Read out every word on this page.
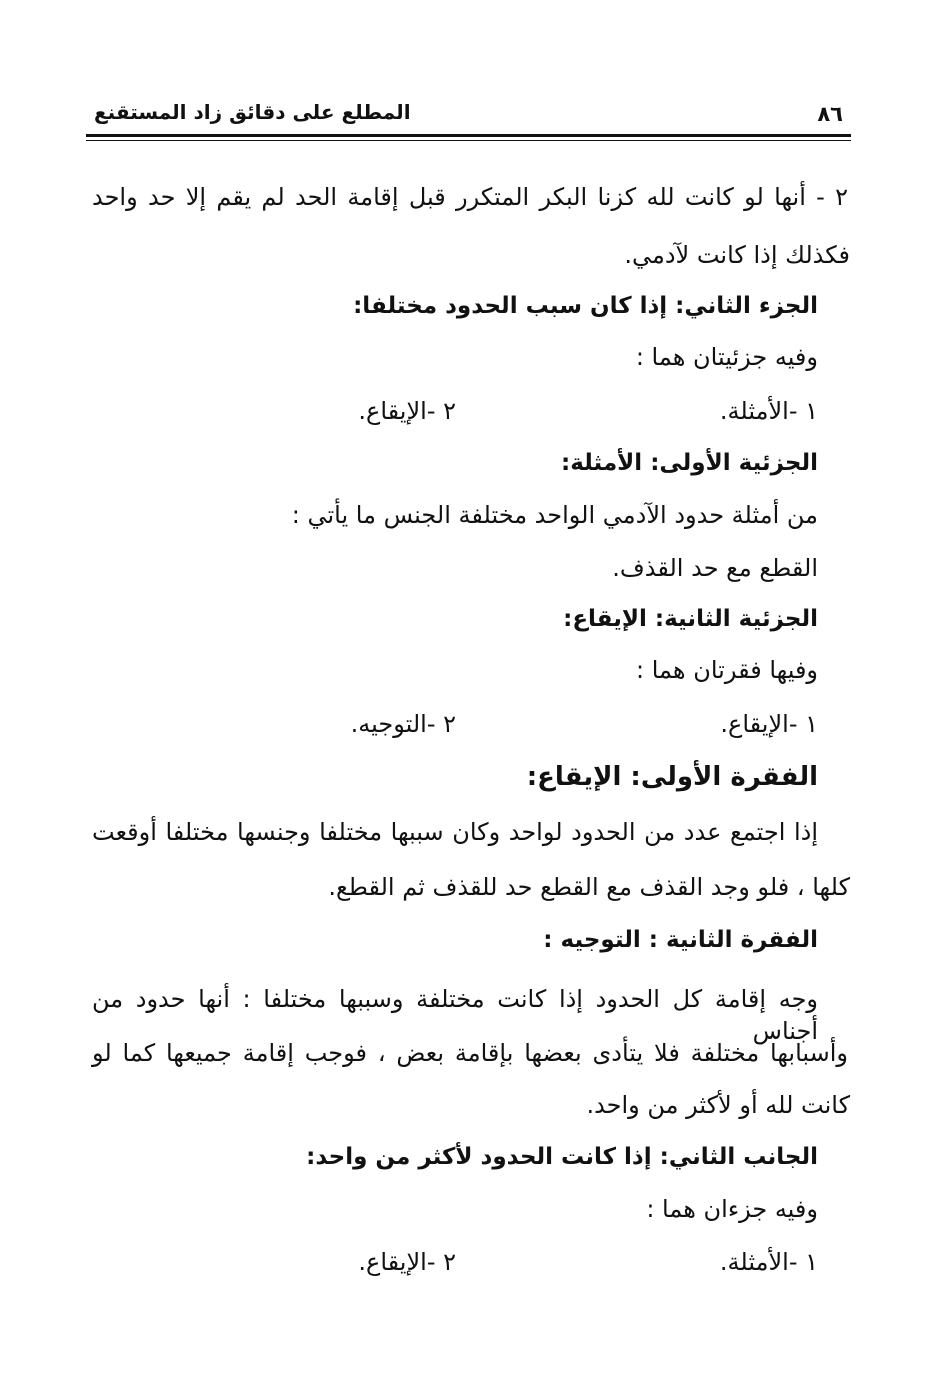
٨٦
المطلع على دقائق زاد المستقنع
٢ - أنها لو كانت لله كزنا البكر المتكرر قبل إقامة الحد لم يقم إلا حد واحد
فكذلك إذا كانت لآدمي.
الجزء الثاني: إذا كان سبب الحدود مختلفا:
وفيه جزئيتان هما :
١ -الأمثلة.
٢ -الإيقاع.
الجزئية الأولى: الأمثلة:
من أمثلة حدود الآدمي الواحد مختلفة الجنس ما يأتي :
القطع مع حد القذف.
الجزئية الثانية: الإيقاع:
وفيها فقرتان هما :
١ -الإيقاع.
٢ -التوجيه.
الفقرة الأولى: الإيقاع:
إذا اجتمع عدد من الحدود لواحد وكان سببها مختلفا وجنسها مختلفا أوقعت
كلها ، فلو وجد القذف مع القطع حد للقذف ثم القطع.
الفقرة الثانية : التوجيه :
وجه إقامة كل الحدود إذا كانت مختلفة وسببها مختلفا : أنها حدود من أجناس
وأسبابها مختلفة فلا يتأدى بعضها بإقامة بعض ، فوجب إقامة جميعها كما لو
كانت لله أو لأكثر من واحد.
الجانب الثاني: إذا كانت الحدود لأكثر من واحد:
وفيه جزءان هما :
١ -الأمثلة.
٢ -الإيقاع.
